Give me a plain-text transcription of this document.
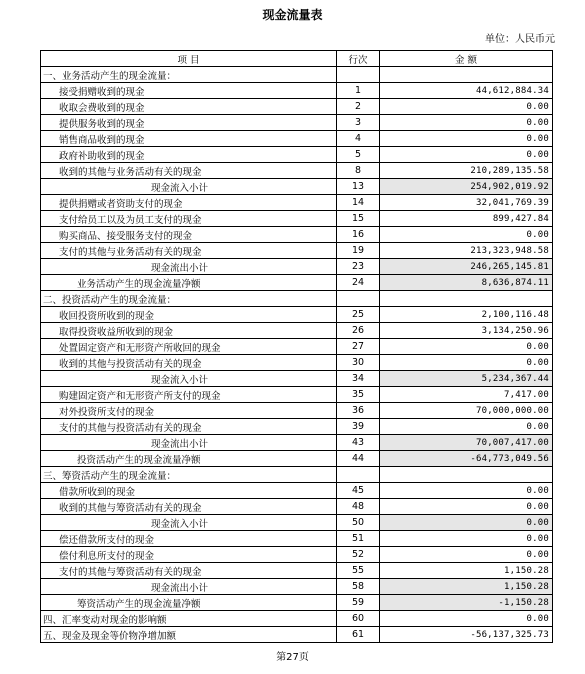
现金流量表
单位：人民币元
项 目	行次	金 额
一、业务活动产生的现金流量：		
接受捐赠收到的现金	1	44,612,884.34
收取会费收到的现金	2	0.00
提供服务收到的现金	3	0.00
销售商品收到的现金	4	0.00
政府补助收到的现金	5	0.00
收到的其他与业务活动有关的现金	8	210,289,135.58
现金流入小计	13	254,902,019.92
提供捐赠或者资助支付的现金	14	32,041,769.39
支付给员工以及为员工支付的现金	15	899,427.84
购买商品、接受服务支付的现金	16	0.00
支付的其他与业务活动有关的现金	19	213,323,948.58
现金流出小计	23	246,265,145.81
业务活动产生的现金流量净额	24	8,636,874.11
二、投资活动产生的现金流量：		
收回投资所收到的现金	25	2,100,116.48
取得投资收益所收到的现金	26	3,134,250.96
处置固定资产和无形资产所收回的现金	27	0.00
收到的其他与投资活动有关的现金	30	0.00
现金流入小计	34	5,234,367.44
购建固定资产和无形资产所支付的现金	35	7,417.00
对外投资所支付的现金	36	70,000,000.00
支付的其他与投资活动有关的现金	39	0.00
现金流出小计	43	70,007,417.00
投资活动产生的现金流量净额	44	-64,773,049.56
三、筹资活动产生的现金流量：		
借款所收到的现金	45	0.00
收到的其他与筹资活动有关的现金	48	0.00
现金流入小计	50	0.00
偿还借款所支付的现金	51	0.00
偿付利息所支付的现金	52	0.00
支付的其他与筹资活动有关的现金	55	1,150.28
现金流出小计	58	1,150.28
筹资活动产生的现金流量净额	59	-1,150.28
四、汇率变动对现金的影响额	60	0.00
五、现金及现金等价物净增加额	61	-56,137,325.73
第27页
